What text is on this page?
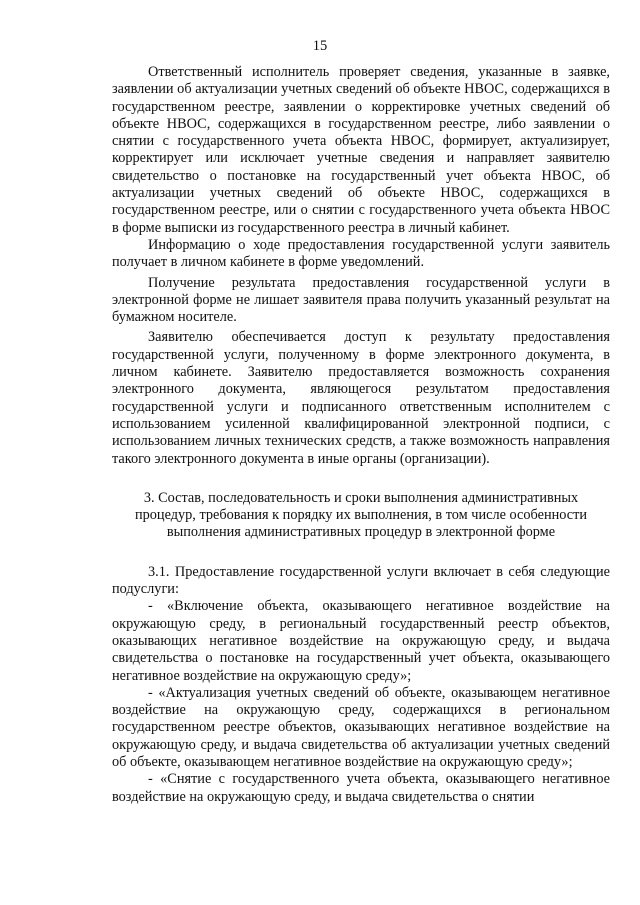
15

Ответственный исполнитель проверяет сведения, указанные в заявке, заявлении об актуализации учетных сведений об объекте НВОС, содержащихся в государственном реестре, заявлении о корректировке учетных сведений об объекте НВОС, содержащихся в государственном реестре, либо заявлении о снятии с государственного учета объекта НВОС, формирует, актуализирует, корректирует или исключает учетные сведения и направляет заявителю свидетельство о постановке на государственный учет объекта НВОС, об актуализации учетных сведений об объекте НВОС, содержащихся в государственном реестре, или о снятии с государственного учета объекта НВОС в форме выписки из государственного реестра в личный кабинет.

Информацию о ходе предоставления государственной услуги заявитель получает в личном кабинете в форме уведомлений.

Получение результата предоставления государственной услуги в электронной форме не лишает заявителя права получить указанный результат на бумажном носителе.

Заявителю обеспечивается доступ к результату предоставления государственной услуги, полученному в форме электронного документа, в личном кабинете. Заявителю предоставляется возможность сохранения электронного документа, являющегося результатом предоставления государственной услуги и подписанного ответственным исполнителем с использованием усиленной квалифицированной электронной подписи, с использованием личных технических средств, а также возможность направления такого электронного документа в иные органы (организации).

3. Состав, последовательность и сроки выполнения административных
процедур, требования к порядку их выполнения, в том числе особенности
выполнения административных процедур в электронной форме

3.1. Предоставление государственной услуги включает в себя следующие подуслуги:

- «Включение объекта, оказывающего негативное воздействие на окружающую среду, в региональный государственный реестр объектов, оказывающих негативное воздействие на окружающую среду, и выдача свидетельства о постановке на государственный учет объекта, оказывающего негативное воздействие на окружающую среду»;

- «Актуализация учетных сведений об объекте, оказывающем негативное воздействие на окружающую среду, содержащихся в региональном государственном реестре объектов, оказывающих негативное воздействие на окружающую среду, и выдача свидетельства об актуализации учетных сведений об объекте, оказывающем негативное воздействие на окружающую среду»;

- «Снятие с государственного учета объекта, оказывающего негативное воздействие на окружающую среду, и выдача свидетельства о снятии
